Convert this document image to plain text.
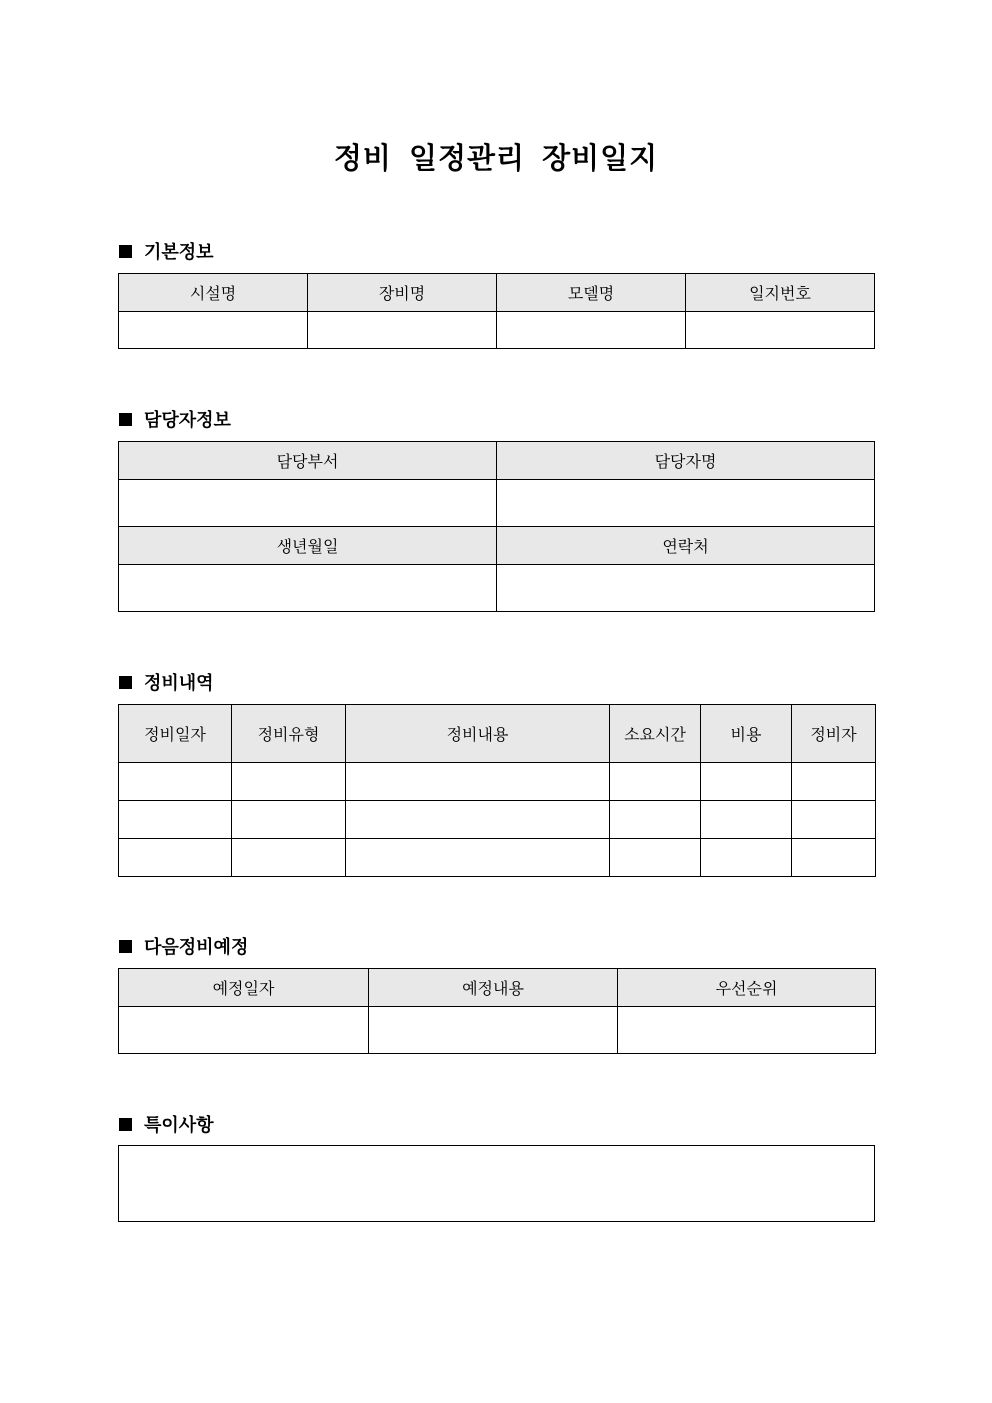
정비 일정관리 장비일지
기본정보
시설명	장비명	모델명	일지번호

담당자정보
담당부서	담당자명

생년월일	연락처

정비내역
정비일자	정비유형	정비내용	소요시간	비용	정비자

다음정비예정
예정일자	예정내용	우선순위

특이사항
